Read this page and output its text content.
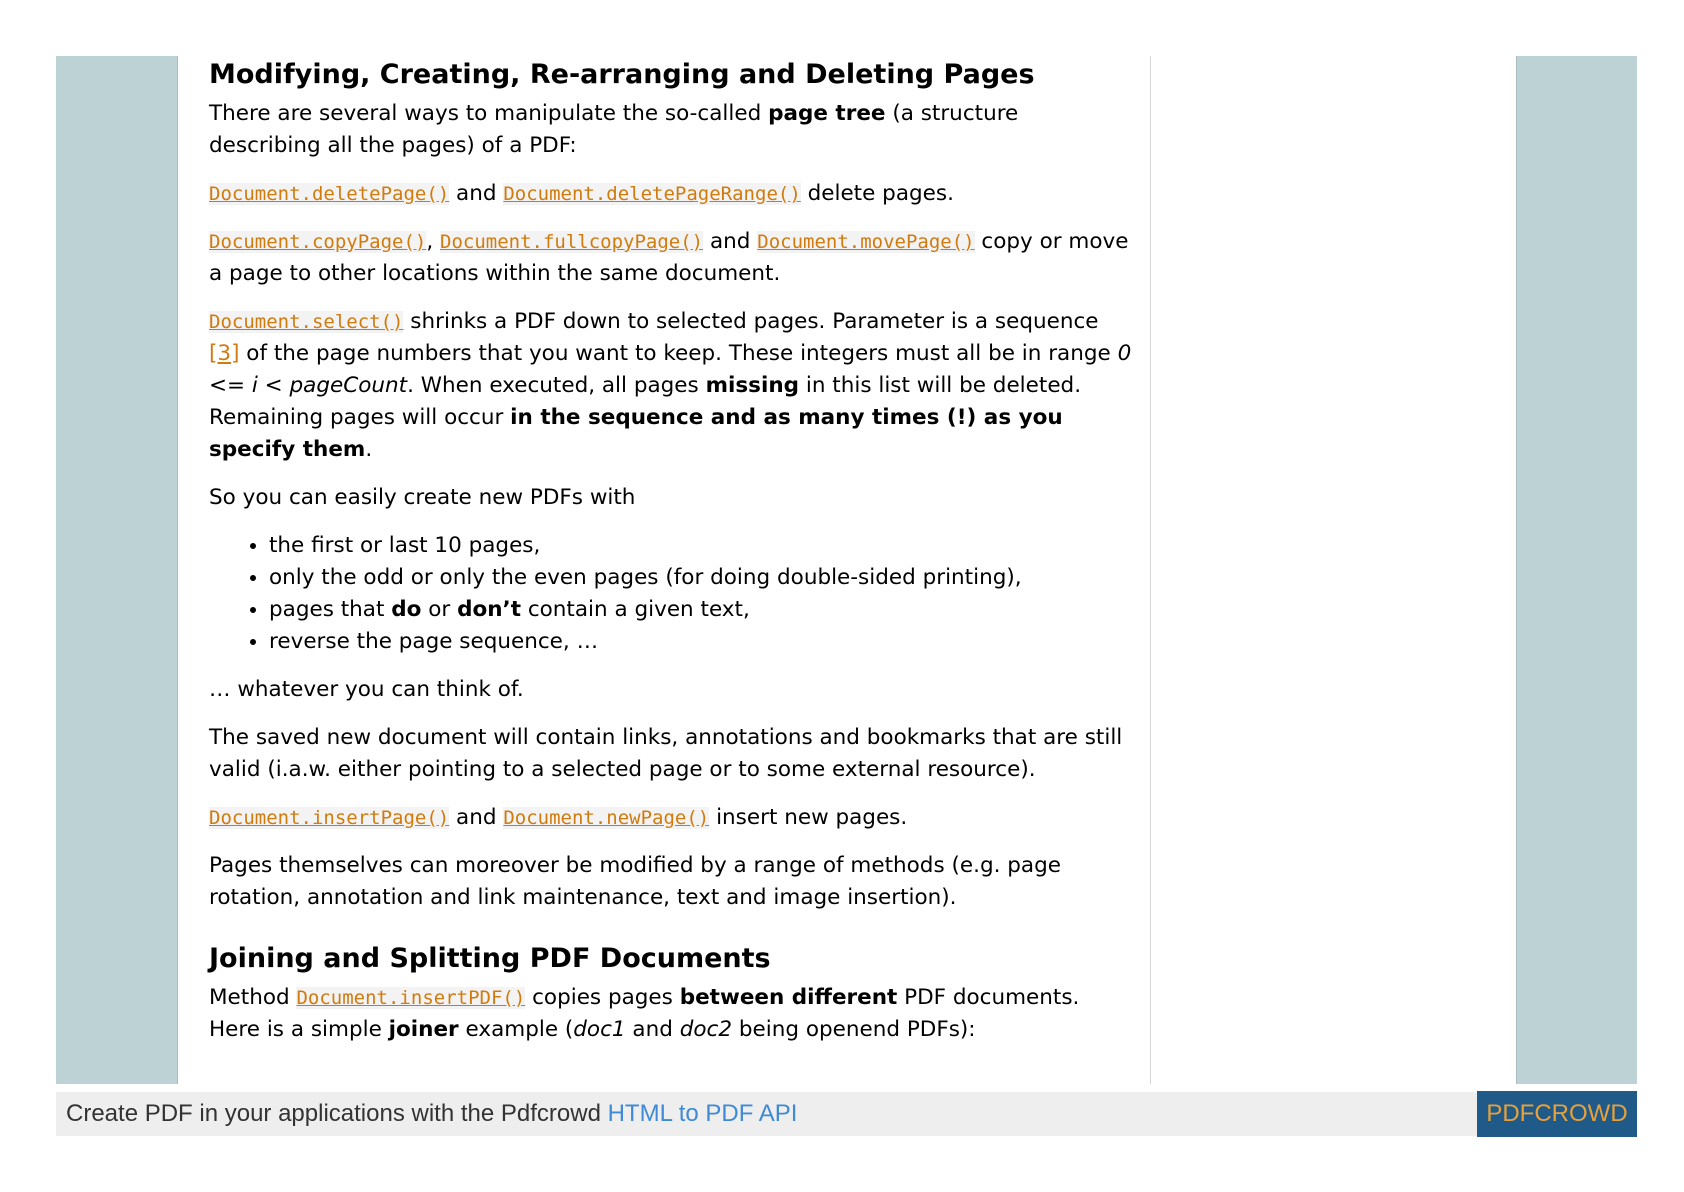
Modifying, Creating, Re-arranging and Deleting Pages

There are several ways to manipulate the so-called page tree (a structure describing all the pages) of a PDF:

Document.deletePage() and Document.deletePageRange() delete pages.

Document.copyPage(), Document.fullcopyPage() and Document.movePage() copy or move a page to other locations within the same document.

Document.select() shrinks a PDF down to selected pages. Parameter is a sequence [3] of the page numbers that you want to keep. These integers must all be in range 0 <= i < pageCount. When executed, all pages missing in this list will be deleted. Remaining pages will occur in the sequence and as many times (!) as you specify them.

So you can easily create new PDFs with

• the first or last 10 pages,
• only the odd or only the even pages (for doing double-sided printing),
• pages that do or don’t contain a given text,
• reverse the page sequence, …

… whatever you can think of.

The saved new document will contain links, annotations and bookmarks that are still valid (i.a.w. either pointing to a selected page or to some external resource).

Document.insertPage() and Document.newPage() insert new pages.

Pages themselves can moreover be modified by a range of methods (e.g. page rotation, annotation and link maintenance, text and image insertion).

Joining and Splitting PDF Documents

Method Document.insertPDF() copies pages between different PDF documents. Here is a simple joiner example (doc1 and doc2 being openend PDFs):

Create PDF in your applications with the Pdfcrowd HTML to PDF API	PDFCROWD
